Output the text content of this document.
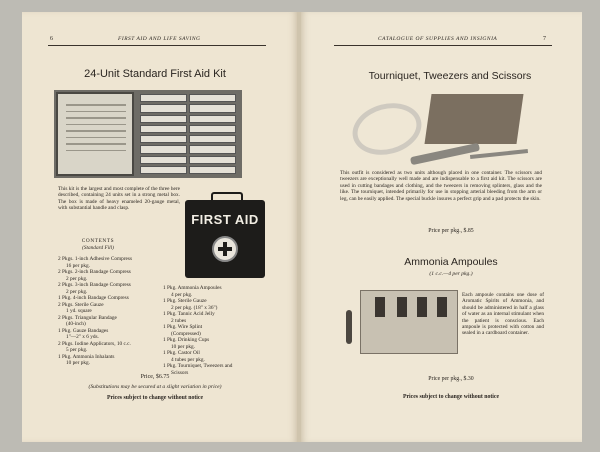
6	FIRST AID AND LIFE SAVING
24-Unit Standard First Aid Kit
This kit is the largest and most complete of the three here described, containing 24 units set in a strong metal box. The box is made of heavy enameled 20-gauge metal, with substantial handle and clasp.
FIRST AID
CONTENTS
(Standard Fill)
2 Pkgs. 1-inch Adhesive Compress
16 per pkg.
2 Pkgs. 2-inch Bandage Compress
2 per pkg.
2 Pkgs. 3-inch Bandage Compress
2 per pkg.
1 Pkg. 4-inch Bandage Compress
2 Pkgs. Sterile Gauze
1 yd. square
2 Pkgs. Triangular Bandage
(40-inch)
1 Pkg. Gauze Bandages
1"—2" x 6 yds.
2 Pkgs. Iodine Applicators, 10 c.c.
5 per pkg.
1 Pkg. Ammonia Inhalants
10 per pkg.
1 Pkg. Ammonia Ampoules
4 per pkg.
1 Pkg. Sterile Gauze
2 per pkg. (18" x 36")
1 Pkg. Tannic Acid Jelly
2 tubes
1 Pkg. Wire Splint
(Compressed)
1 Pkg. Drinking Cups
10 per pkg.
1 Pkg. Castor Oil
4 tubes per pkg.
1 Pkg. Tourniquet, Tweezers and
Scissors
Price, $6.75
(Substitutions may be secured at a slight variation in price)
Prices subject to change without notice
CATALOGUE OF SUPPLIES AND INSIGNIA	7
Tourniquet, Tweezers and Scissors
This outfit is considered as two units although placed in one container. The scissors and tweezers are exceptionally well made and are indispensable to a first aid kit. The scissors are used in cutting bandages and clothing, and the tweezers in removing splinters, glass and the like. The tourniquet, intended primarily for use in stopping arterial bleeding from the arm or leg, can be easily applied. The special buckle insures a perfect grip and a pad protects the skin.
Price per pkg., $.85
Ammonia Ampoules
(1 c.c.—4 per pkg.)
Each ampoule contains one dose of Aromatic Spirits of Ammonia, and should be administered in half a glass of water as an internal stimulant when the patient is conscious. Each ampoule is protected with cotton and sealed in a cardboard container.
Price per pkg., $.30
Prices subject to change without notice
